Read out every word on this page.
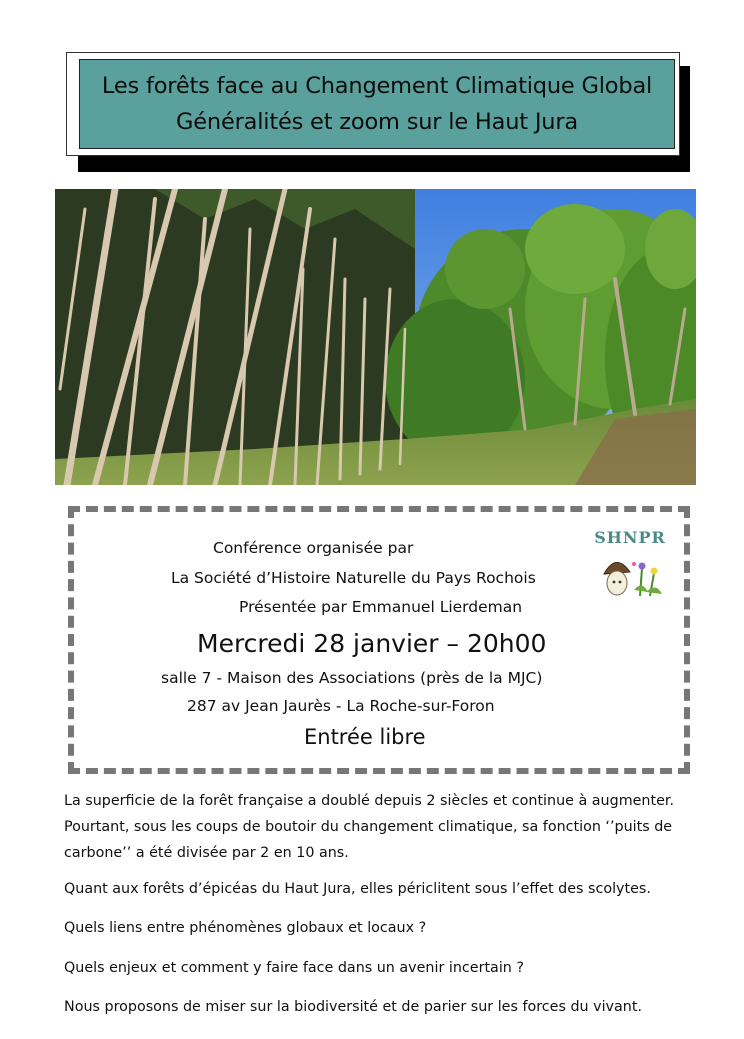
Les forêts face au Changement Climatique Global
Généralités et zoom sur le Haut Jura
Conférence organisée par
La Société d’Histoire Naturelle du Pays Rochois
Présentée par Emmanuel Lierdeman
Mercredi 28 janvier – 20h00
salle 7 - Maison des Associations (près de la MJC)
287 av Jean Jaurès - La Roche-sur-Foron
Entrée libre
SHNPR
La superficie de la forêt française a doublé depuis 2 siècles et continue à augmenter.
Pourtant, sous les coups de boutoir du changement climatique, sa fonction ‘’puits de
carbone’’ a été divisée par 2 en 10 ans.
Quant aux forêts d’épicéas du Haut Jura, elles périclitent sous l’effet des scolytes.
Quels liens entre phénomènes globaux et locaux ?
Quels enjeux et comment y faire face dans un avenir incertain ?
Nous proposons de miser sur la biodiversité et de parier sur les forces du vivant.
